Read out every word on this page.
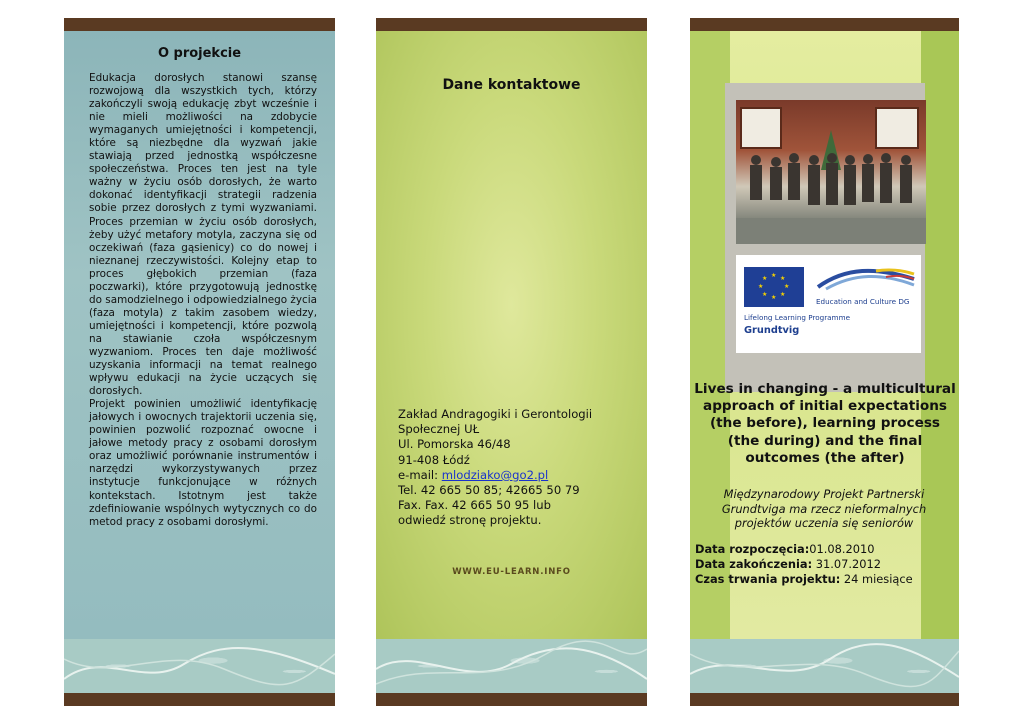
O projekcie
Edukacja dorosłych stanowi szansę rozwojową dla wszystkich tych, którzy zakończyli swoją edukację zbyt wcześnie i nie mieli możliwości na zdobycie wymaganych umiejętności i kompetencji, które są niezbędne dla wyzwań jakie stawiają przed jednostką współczesne społeczeństwa. Proces ten jest na tyle ważny w życiu osób dorosłych, że warto dokonać identyfikacji strategii radzenia sobie przez dorosłych z tymi wyzwaniami. Proces przemian w życiu osób dorosłych, żeby użyć metafory motyla, zaczyna się od oczekiwań (faza gąsienicy) co do nowej i nieznanej rzeczywistości. Kolejny etap to proces głębokich przemian (faza poczwarki), które przygotowują jednostkę do samodzielnego i odpowiedzialnego życia (faza motyla) z takim zasobem wiedzy, umiejętności i kompetencji, które pozwolą na stawianie czoła współczesnym wyzwaniom. Proces ten daje możliwość uzyskania informacji na temat realnego wpływu edukacji na życie uczących się dorosłych.
Projekt powinien umożliwić identyfikację jałowych i owocnych trajektorii uczenia się, powinien pozwolić rozpoznać owocne i jałowe metody pracy z osobami dorosłym oraz umożliwić porównanie instrumentów i narzędzi wykorzystywanych przez instytucje funkcjonujące w różnych kontekstach. Istotnym jest także zdefiniowanie wspólnych wytycznych co do metod pracy z osobami dorosłymi.
Dane kontaktowe
Zakład Andragogiki i Gerontologii
Społecznej UŁ
Ul. Pomorska 46/48
91-408 Łódź
e-mail: mlodziako@go2.pl
Tel. 42 665 50 85; 42665 50 79
Fax. Fax. 42 665 50 95 lub
odwiedź stronę projektu.
WWW.EU-LEARN.INFO
★ ★
★
★
★
★
★
★
Education and Culture DG
Lifelong Learning Programme
Grundtvig
Lives in changing - a multicultural approach of initial expectations (the before), learning process (the during) and the final outcomes (the after)
Międzynarodowy Projekt Partnerski Grundtviga ma rzecz nieformalnych projektów uczenia się seniorów
Data rozpoczęcia:01.08.2010
Data zakończenia: 31.07.2012
Czas trwania projektu: 24 miesiące
